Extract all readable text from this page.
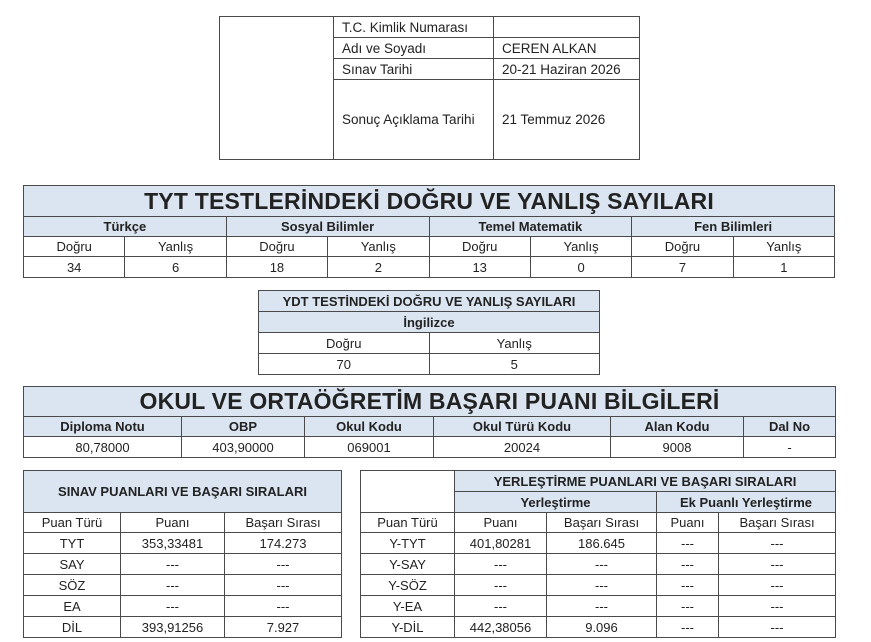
	T.C. Kimlik Numarası	
	Adı ve Soyadı	CEREN ALKAN
	Sınav Tarihi	20-21 Haziran 2026
	Sonuç Açıklama Tarihi	21 Temmuz 2026
TYT TESTLERİNDEKİ DOĞRU VE YANLIŞ SAYILARI							
Türkçe		Sosyal Bilimler		Temel Matematik		Fen Bilimleri	
Doğru	Yanlış	Doğru	Yanlış	Doğru	Yanlış	Doğru	Yanlış
34	6	18	2	13	0	7	1
YDT TESTİNDEKİ DOĞRU VE YANLIŞ SAYILARI	
İngilizce	
Doğru	Yanlış
70	5
OKUL VE ORTAÖĞRETİM BAŞARI PUANI BİLGİLERİ					
Diploma Notu	OBP	Okul Kodu	Okul Türü Kodu	Alan Kodu	Dal No
80,78000	403,90000	069001	20024	9008	-
SINAV PUANLARI VE BAŞARI SIRALARI		
Puan Türü	Puanı	Başarı Sırası
TYT	353,33481	174.273
SAY	---	---
SÖZ	---	---
EA	---	---
DİL	393,91256	7.927
	YERLEŞTİRME PUANLARI VE BAŞARI SIRALARI			
	Yerleştirme		Ek Puanlı Yerleştirme	
Puan Türü	Puanı	Başarı Sırası	Puanı	Başarı Sırası
Y-TYT	401,80281	186.645	---	---
Y-SAY	---	---	---	---
Y-SÖZ	---	---	---	---
Y-EA	---	---	---	---
Y-DİL	442,38056	9.096	---	---
